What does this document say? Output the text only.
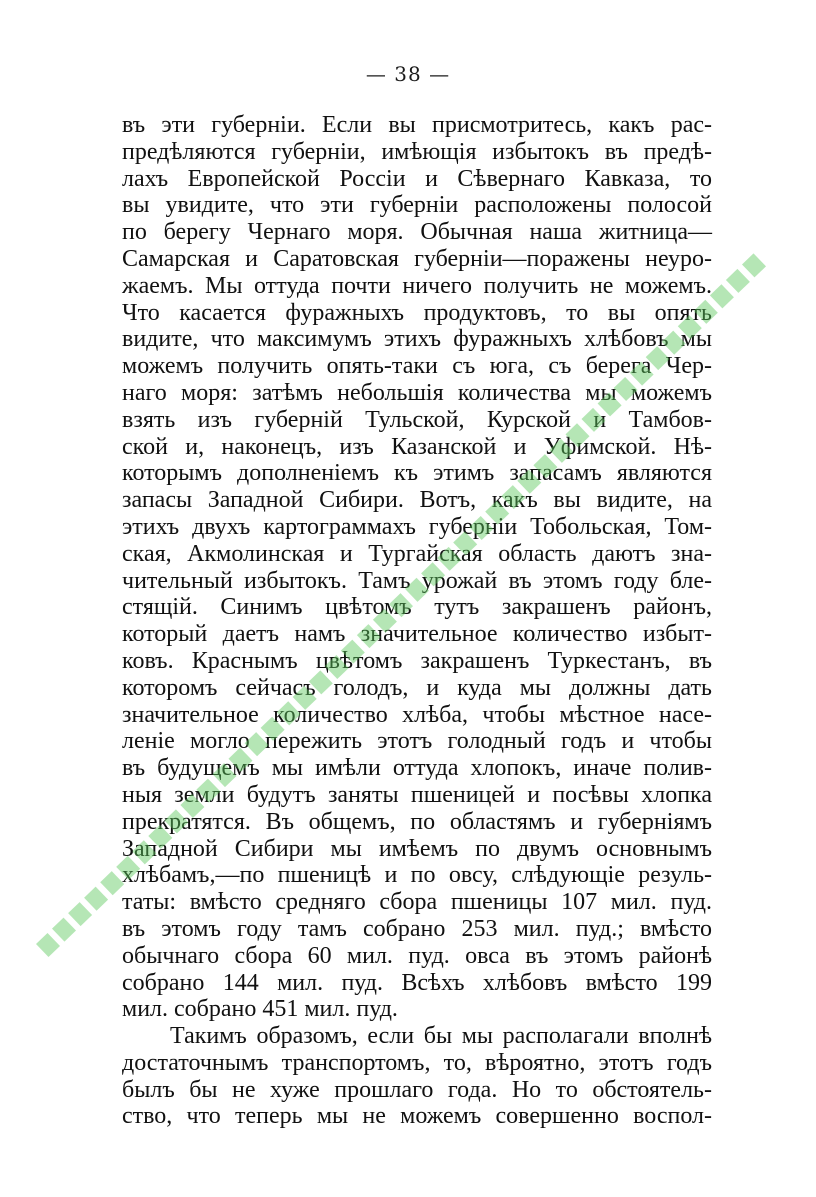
— 38 —
въ эти губерніи. Если вы присмотритесь, какъ рас-
предѣляются губерніи, имѣющія избытокъ въ предѣ-
лахъ Европейской Россіи и Сѣвернаго Кавказа, то
вы увидите, что эти губерніи расположены полосой
по берегу Чернаго моря. Обычная наша житница—
Самарская и Саратовская губерніи—поражены неуро-
жаемъ. Мы оттуда почти ничего получить не можемъ.
Что касается фуражныхъ продуктовъ, то вы опять
видите, что максимумъ этихъ фуражныхъ хлѣбовъ мы
можемъ получить опять-таки съ юга, съ берега Чер-
наго моря: затѣмъ небольшія количества мы можемъ
взять изъ губерній Тульской, Курской и Тамбов-
ской и, наконецъ, изъ Казанской и Уфимской. Нѣ-
которымъ дополненіемъ къ этимъ запасамъ являются
запасы Западной Сибири. Вотъ, какъ вы видите, на
этихъ двухъ картограммахъ губерніи Тобольская, Том-
ская, Акмолинская и Тургайская область даютъ зна-
чительный избытокъ. Тамъ урожай въ этомъ году бле-
стящій. Синимъ цвѣтомъ тутъ закрашенъ районъ,
который даетъ намъ значительное количество избыт-
ковъ. Краснымъ цвѣтомъ закрашенъ Туркестанъ, въ
которомъ сейчасъ голодъ, и куда мы должны дать
значительное количество хлѣба, чтобы мѣстное насе-
леніе могло пережить этотъ голодный годъ и чтобы
въ будущемъ мы имѣли оттуда хлопокъ, иначе полив-
ныя земли будутъ заняты пшеницей и посѣвы хлопка
прекратятся. Въ общемъ, по областямъ и губерніямъ
Западной Сибири мы имѣемъ по двумъ основнымъ
хлѣбамъ,—по пшеницѣ и по овсу, слѣдующіе резуль-
таты: вмѣсто средняго сбора пшеницы 107 мил. пуд.
въ этомъ году тамъ собрано 253 мил. пуд.; вмѣсто
обычнаго сбора 60 мил. пуд. овса въ этомъ районѣ
собрано 144 мил. пуд. Всѣхъ хлѣбовъ вмѣсто 199
мил. собрано 451 мил. пуд.
Такимъ образомъ, если бы мы располагали вполнѣ
достаточнымъ транспортомъ, то, вѣроятно, этотъ годъ
былъ бы не хуже прошлаго года. Но то обстоятель-
ство, что теперь мы не можемъ совершенно воспол-
